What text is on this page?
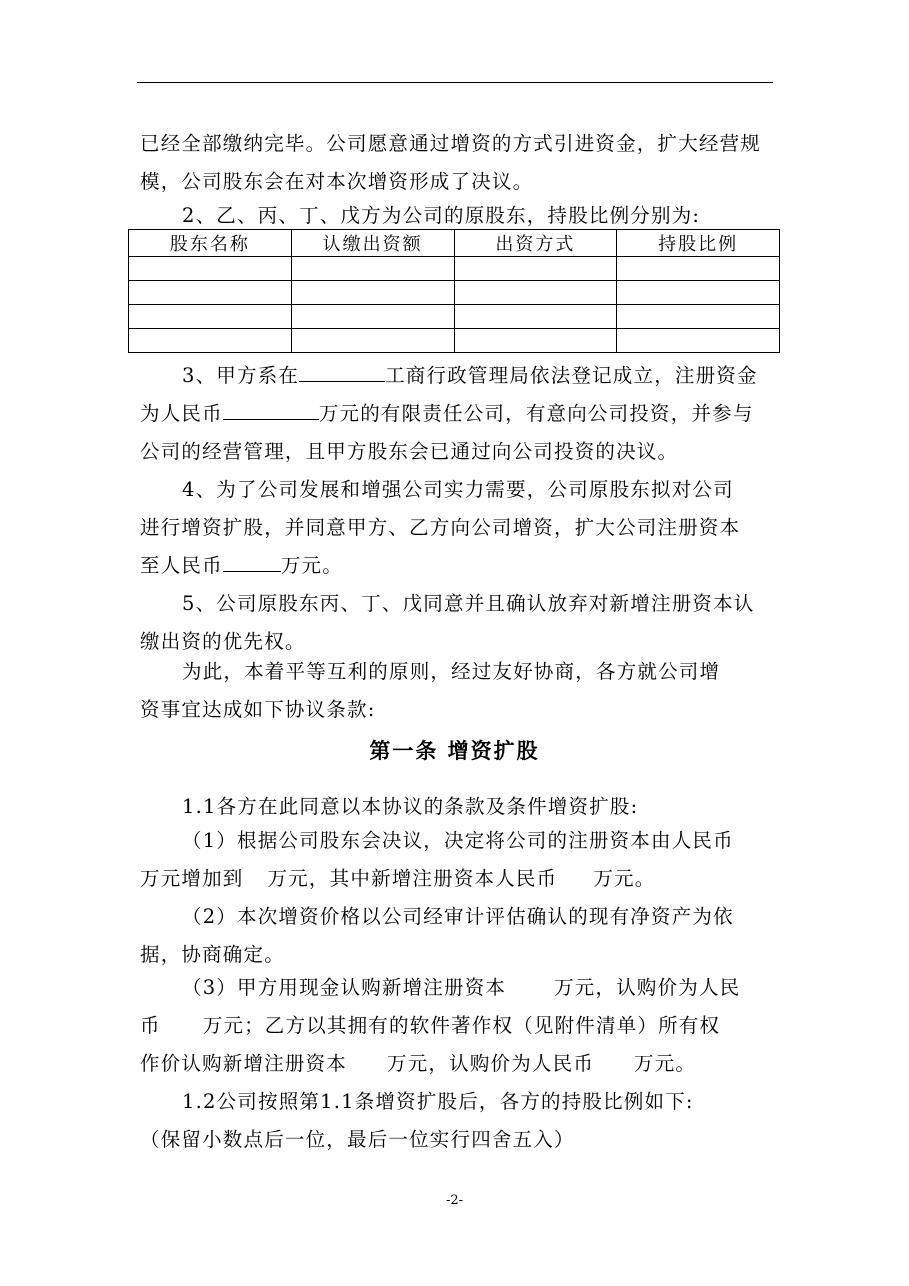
已经全部缴纳完毕。公司愿意通过增资的方式引进资金，扩大经营规
模，公司股东会在对本次增资形成了决议。
2、乙、丙、丁、戊方为公司的原股东，持股比例分别为:
股东名称	认缴出资额	出资方式	持股比例

3、甲方系在	工商行政管理局依法登记成立，注册资金
为人民币	万元的有限责任公司，有意向公司投资，并参与
公司的经营管理，且甲方股东会已通过向公司投资的决议。
4、为了公司发展和增强公司实力需要，公司原股东拟对公司
进行增资扩股，并同意甲方、乙方向公司增资，扩大公司注册资本
至人民币	万元。
5、公司原股东丙、丁、戊同意并且确认放弃对新增注册资本认
缴出资的优先权。
为此，本着平等互利的原则，经过友好协商，各方就公司增
资事宜达成如下协议条款:
第一条 增资扩股
1.1各方在此同意以本协议的条款及条件增资扩股:
（1）根据公司股东会决议，决定将公司的注册资本由人民币
万元增加到 万元，其中新增注册资本人民币 万元。
（2）本次增资价格以公司经审计评估确认的现有净资产为依
据，协商确定。
（3）甲方用现金认购新增注册资本 万元，认购价为人民
币 万元；乙方以其拥有的软件著作权（见附件清单）所有权
作价认购新增注册资本 万元，认购价为人民币 万元。
1.2公司按照第1.1条增资扩股后，各方的持股比例如下:
（保留小数点后一位，最后一位实行四舍五入）
-2-
